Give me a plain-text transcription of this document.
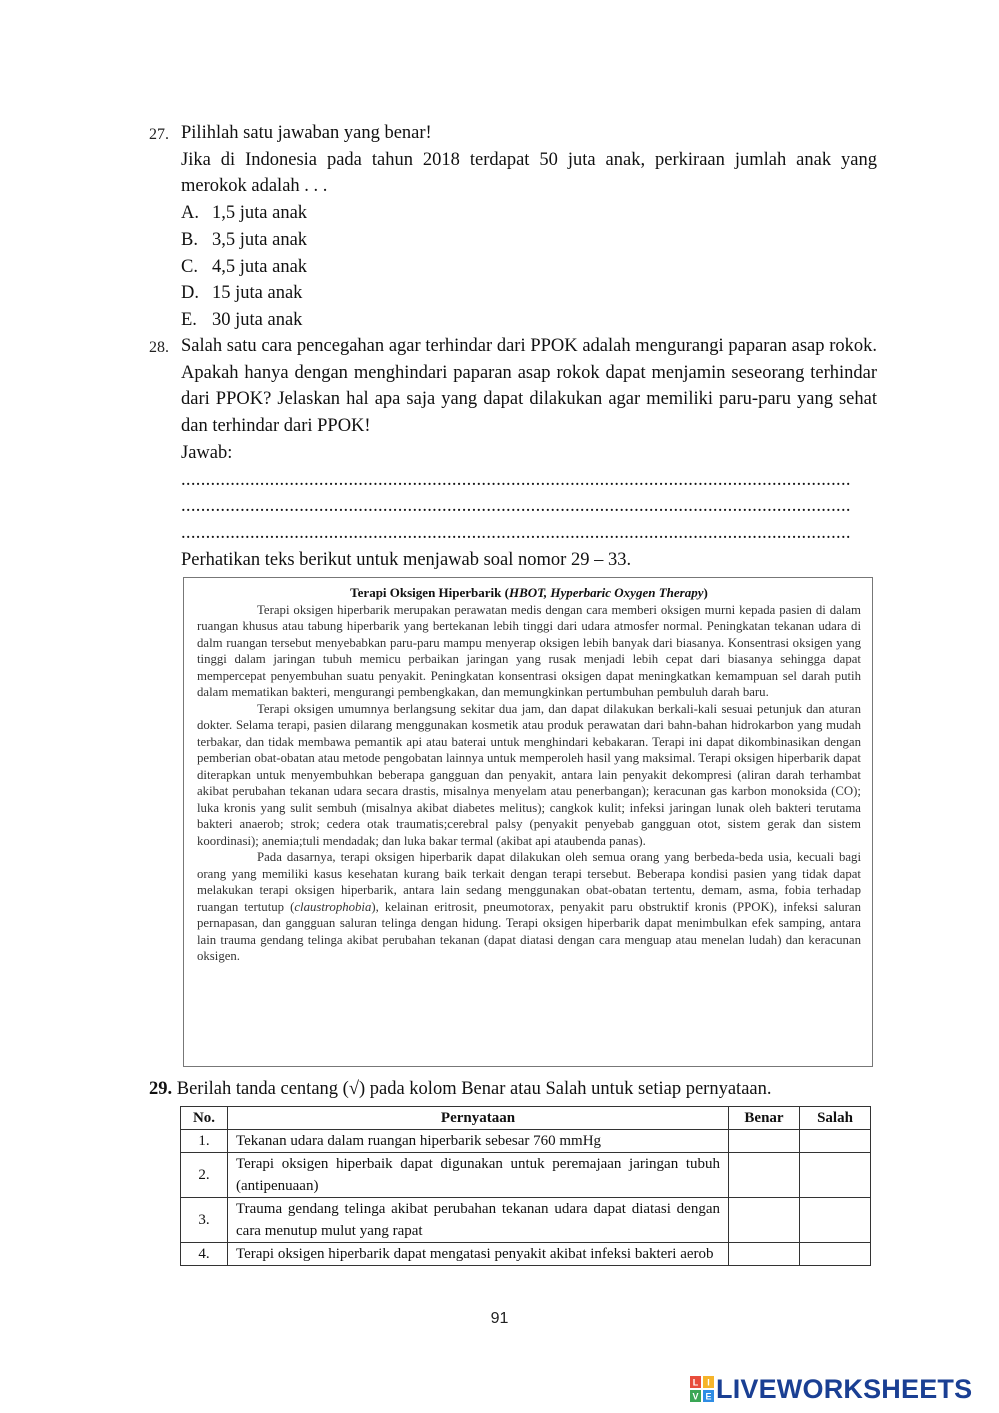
27. Pilihlah satu jawaban yang benar!

Jika di Indonesia pada tahun 2018 terdapat 50 juta anak, perkiraan jumlah anak yang merokok adalah . . .

A. 1,5 juta anak
B. 3,5 juta anak
C. 4,5 juta anak
D. 15 juta anak
E. 30 juta anak
28. Salah satu cara pencegahan agar terhindar dari PPOK adalah mengurangi paparan asap rokok. Apakah hanya dengan menghindari paparan asap rokok dapat menjamin seseorang terhindar dari PPOK? Jelaskan hal apa saja yang dapat dilakukan agar memiliki paru-paru yang sehat dan terhindar dari PPOK!

Jawab:

........................................................................................................................................
........................................................................................................................................
........................................................................................................................................

Perhatikan teks berikut untuk menjawab soal nomor 29 – 33.

Terapi Oksigen Hiperbarik (HBOT, Hyperbaric Oxygen Therapy)

Terapi oksigen hiperbarik merupakan perawatan medis dengan cara memberi oksigen murni kepada pasien di dalam ruangan khusus atau tabung hiperbarik yang bertekanan lebih tinggi dari udara atmosfer normal. Peningkatan tekanan udara di dalm ruangan tersebut menyebabkan paru-paru mampu menyerap oksigen lebih banyak dari biasanya. Konsentrasi oksigen yang tinggi dalam jaringan tubuh memicu perbaikan jaringan yang rusak menjadi lebih cepat dari biasanya sehingga dapat mempercepat penyembuhan suatu penyakit. Peningkatan konsentrasi oksigen dapat meningkatkan kemampuan sel darah putih dalam mematikan bakteri, mengurangi pembengkakan, dan memungkinkan pertumbuhan pembuluh darah baru.

Terapi oksigen umumnya berlangsung sekitar dua jam, dan dapat dilakukan berkali-kali sesuai petunjuk dan aturan dokter. Selama terapi, pasien dilarang menggunakan kosmetik atau produk perawatan dari bahn-bahan hidrokarbon yang mudah terbakar, dan tidak membawa pemantik api atau baterai untuk menghindari kebakaran. Terapi ini dapat dikombinasikan dengan pemberian obat-obatan atau metode pengobatan lainnya untuk memperoleh hasil yang maksimal. Terapi oksigen hiperbarik dapat diterapkan untuk menyembuhkan beberapa gangguan dan penyakit, antara lain penyakit dekompresi (aliran darah terhambat akibat perubahan tekanan udara secara drastis, misalnya menyelam atau penerbangan); keracunan gas karbon monoksida (CO); luka kronis yang sulit sembuh (misalnya akibat diabetes melitus); cangkok kulit; infeksi jaringan lunak oleh bakteri terutama bakteri anaerob; strok; cedera otak traumatis;cerebral palsy (penyakit penyebab gangguan otot, sistem gerak dan sistem koordinasi); anemia;tuli mendadak; dan luka bakar termal (akibat api ataubenda panas).

Pada dasarnya, terapi oksigen hiperbarik dapat dilakukan oleh semua orang yang berbeda-beda usia, kecuali bagi orang yang memiliki kasus kesehatan kurang baik terkait dengan terapi tersebut. Beberapa kondisi pasien yang tidak dapat melakukan terapi oksigen hiperbarik, antara lain sedang menggunakan obat-obatan tertentu, demam, asma, fobia terhadap ruangan tertutup (claustrophobia), kelainan eritrosit, pneumotorax, penyakit paru obstruktif kronis (PPOK), infeksi saluran pernapasan, dan gangguan saluran telinga dengan hidung. Terapi oksigen hiperbarik dapat menimbulkan efek samping, antara lain trauma gendang telinga akibat perubahan tekanan (dapat diatasi dengan cara menguap atau menelan ludah) dan keracunan oksigen.

29. Berilah tanda centang (√) pada kolom Benar atau Salah untuk setiap pernyataan.
No.	Pernyataan	Benar	Salah
1.	Tekanan udara dalam ruangan hiperbarik sebesar 760 mmHg		
2.	Terapi oksigen hiperbaik dapat digunakan untuk peremajaan jaringan tubuh (antipenuaan)		
3.	Trauma gendang telinga akibat perubahan tekanan udara dapat diatasi dengan cara menutup mulut yang rapat		
4.	Terapi oksigen hiperbarik dapat mengatasi penyakit akibat infeksi bakteri aerob		
91
L I
V E LIVEWORKSHEETS
